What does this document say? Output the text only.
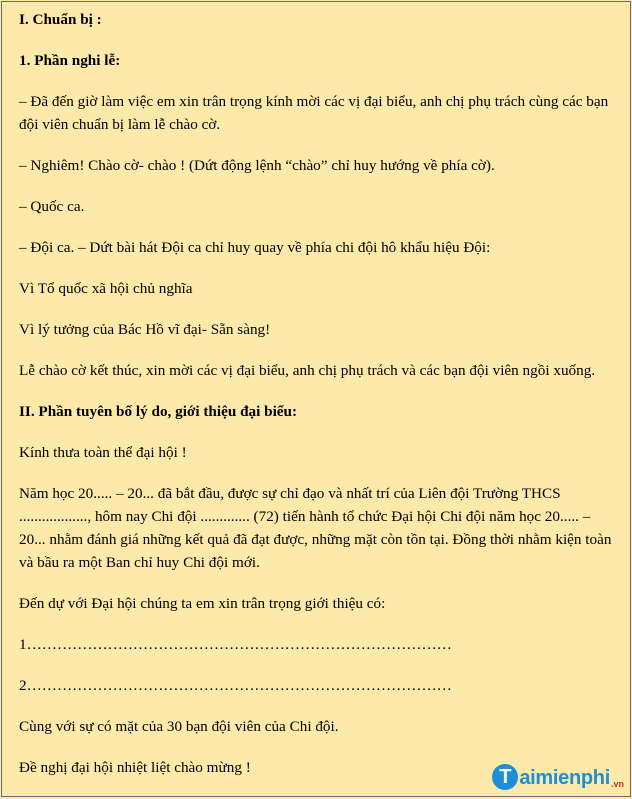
I. Chuẩn bị :

1. Phần nghi lễ:

– Đã đến giờ làm việc em xin trân trọng kính mời các vị đại biểu, anh chị phụ trách cùng các bạn đội viên chuẩn bị làm lễ chào cờ.

– Nghiêm! Chào cờ- chào ! (Dứt động lệnh “chào” chỉ huy hướng về phía cờ).

– Quốc ca.

– Đội ca. – Dứt bài hát Đội ca chỉ huy quay về phía chi đội hô khẩu hiệu Đội:

Vì Tổ quốc xã hội chủ nghĩa

Vì lý tưởng của Bác Hồ vĩ đại- Sẵn sàng!

Lễ chào cờ kết thúc, xin mời các vị đại biểu, anh chị phụ trách và các bạn đội viên ngồi xuống.

II. Phần tuyên bố lý do, giới thiệu đại biểu:

Kính thưa toàn thể đại hội !

Năm học 20..... – 20... đã bắt đầu, được sự chỉ đạo và nhất trí của Liên đội Trường THCS .................., hôm nay Chi đội ............. (72) tiến hành tổ chức Đại hội Chi đội năm học 20..... – 20... nhằm đánh giá những kết quả đã đạt được, những mặt còn tồn tại. Đồng thời nhằm kiện toàn và bầu ra một Ban chỉ huy Chi đội mới.

Đến dự với Đại hội chúng ta em xin trân trọng giới thiệu có:

1…………………………………………………………………………

2…………………………………………………………………………

Cùng với sự có mặt của 30 bạn đội viên của Chi đội.

Đề nghị đại hội nhiệt liệt chào mừng !	T aimienphi .vn
